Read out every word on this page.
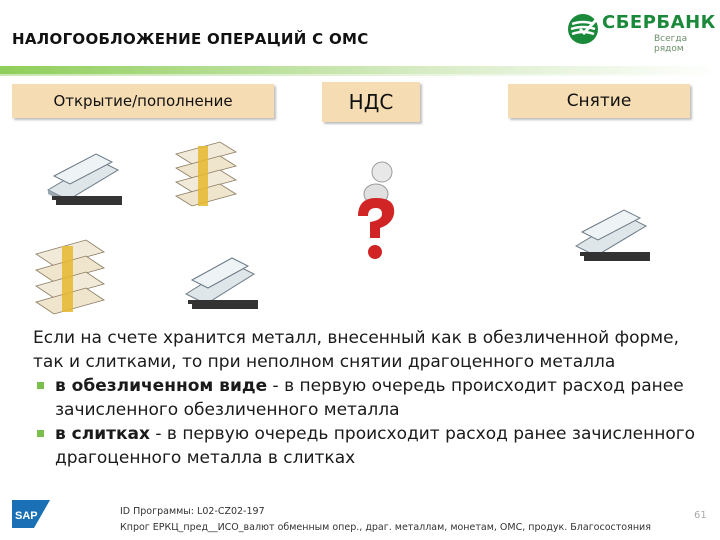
НАЛОГООБЛОЖЕНИЕ ОПЕРАЦИЙ С ОМС
СБЕРБАНК
Всегда рядом
Открытие/пополнение	НДС	Снятие
Если на счете хранится металл, внесенный как в обезличенной форме, так и слитками, то при неполном снятии драгоценного металла
в обезличенном виде - в первую очередь происходит расход ранее зачисленного обезличенного металла
в слитках - в первую очередь происходит расход ранее зачисленного драгоценного металла в слитках
SAP	ID Программы: L02-CZ02-197
Кпрог ЕРКЦ_пред__ИСО_валют обменным опер., драг. металлам, монетам, ОМС, продук. Благосостояния
61
